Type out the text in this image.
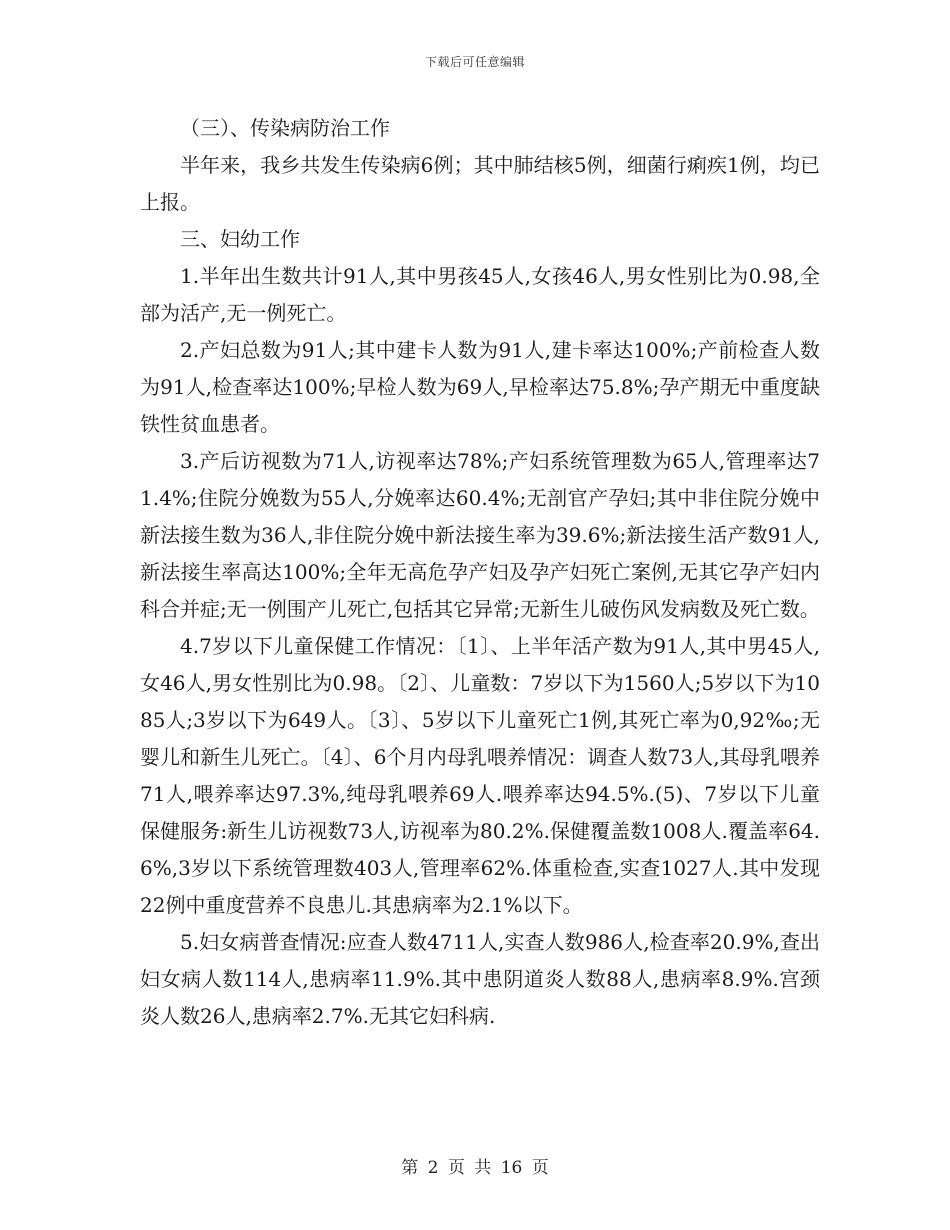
下载后可任意编辑

（三）、传染病防治工作

半年来，我乡共发生传染病6例；其中肺结核5例，细菌行痢疾1例，均已上报。

三、妇幼工作

1.半年出生数共计91人,其中男孩45人,女孩46人,男女性别比为0.98,全部为活产,无一例死亡。

2.产妇总数为91人;其中建卡人数为91人,建卡率达100%;产前检查人数为91人,检查率达100%;早检人数为69人,早检率达75.8%;孕产期无中重度缺铁性贫血患者。

3.产后访视数为71人,访视率达78%;产妇系统管理数为65人,管理率达71.4%;住院分娩数为55人,分娩率达60.4%;无剖官产孕妇;其中非住院分娩中新法接生数为36人,非住院分娩中新法接生率为39.6%;新法接生活产数91人,新法接生率高达100%;全年无高危孕产妇及孕产妇死亡案例,无其它孕产妇内科合并症;无一例围产儿死亡,包括其它异常;无新生儿破伤风发病数及死亡数。

4.7岁以下儿童保健工作情况：〔1〕、上半年活产数为91人,其中男45人,女46人,男女性别比为0.98。〔2〕、儿童数：7岁以下为1560人;5岁以下为1085人;3岁以下为649人。〔3〕、5岁以下儿童死亡1例,其死亡率为0,92‰;无婴儿和新生儿死亡。〔4〕、6个月内母乳喂养情况：调查人数73人,其母乳喂养71人,喂养率达97.3%,纯母乳喂养69人.喂养率达94.5%.(5)、7岁以下儿童保健服务:新生儿访视数73人,访视率为80.2%.保健覆盖数1008人.覆盖率64.6%,3岁以下系统管理数403人,管理率62%.体重检查,实查1027人.其中发现22例中重度营养不良患儿.其患病率为2.1%以下。

5.妇女病普查情况:应查人数4711人,实查人数986人,检查率20.9%,查出妇女病人数114人,患病率11.9%.其中患阴道炎人数88人,患病率8.9%.宫颈炎人数26人,患病率2.7%.无其它妇科病.

第 2 页 共 16 页
